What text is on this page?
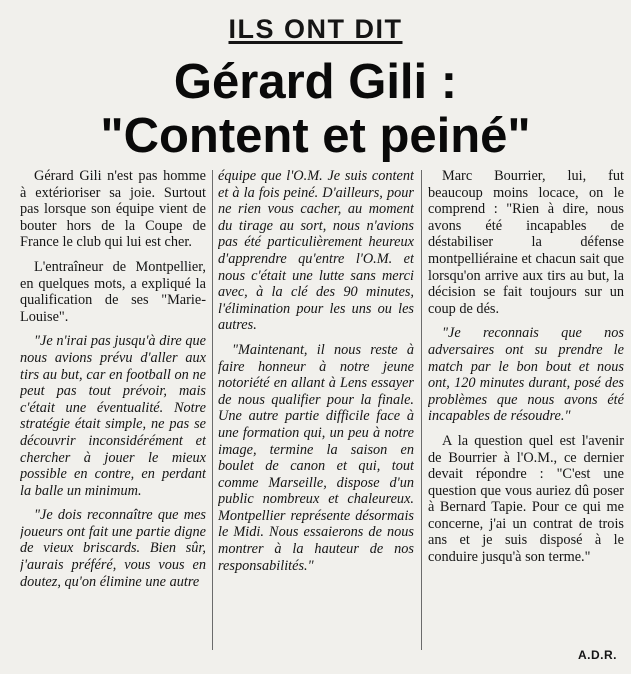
ILS ONT DIT
Gérard Gili :
"Content et peiné"

Gérard Gili n'est pas homme à extérioriser sa joie. Surtout pas lorsque son équipe vient de bouter hors de la Coupe de France le club qui lui est cher.

L'entraîneur de Montpellier, en quelques mots, a expliqué la qualification de ses "Marie-Louise".

"Je n'irai pas jusqu'à dire que nous avions prévu d'aller aux tirs au but, car en football on ne peut pas tout prévoir, mais c'était une éventualité. Notre stratégie était simple, ne pas se découvrir inconsidérément et chercher à jouer le mieux possible en contre, en perdant la balle un minimum.

"Je dois reconnaître que mes joueurs ont fait une partie digne de vieux briscards. Bien sûr, j'aurais préféré, vous vous en doutez, qu'on élimine une autre

équipe que l'O.M. Je suis content et à la fois peiné. D'ailleurs, pour ne rien vous cacher, au moment du tirage au sort, nous n'avions pas été particulièrement heureux d'apprendre qu'entre l'O.M. et nous c'était une lutte sans merci avec, à la clé des 90 minutes, l'élimination pour les uns ou les autres.

"Maintenant, il nous reste à faire honneur à notre jeune notoriété en allant à Lens essayer de nous qualifier pour la finale. Une autre partie difficile face à une formation qui, un peu à notre image, termine la saison en boulet de canon et qui, tout comme Marseille, dispose d'un public nombreux et chaleureux. Montpellier représente désormais le Midi. Nous essaierons de nous montrer à la hauteur de nos responsabilités."

Marc Bourrier, lui, fut beaucoup moins locace, on le comprend : "Rien à dire, nous avons été incapables de déstabiliser la défense montpelliéraine et chacun sait que lorsqu'on arrive aux tirs au but, la décision se fait toujours sur un coup de dés.

"Je reconnais que nos adversaires ont su prendre le match par le bon bout et nous ont, 120 minutes durant, posé des problèmes que nous avons été incapables de résoudre."

A la question quel est l'avenir de Bourrier à l'O.M., ce dernier devait répondre : "C'est une question que vous auriez dû poser à Bernard Tapie. Pour ce qui me concerne, j'ai un contrat de trois ans et je suis disposé à le conduire jusqu'à son terme."

A.D.R.
